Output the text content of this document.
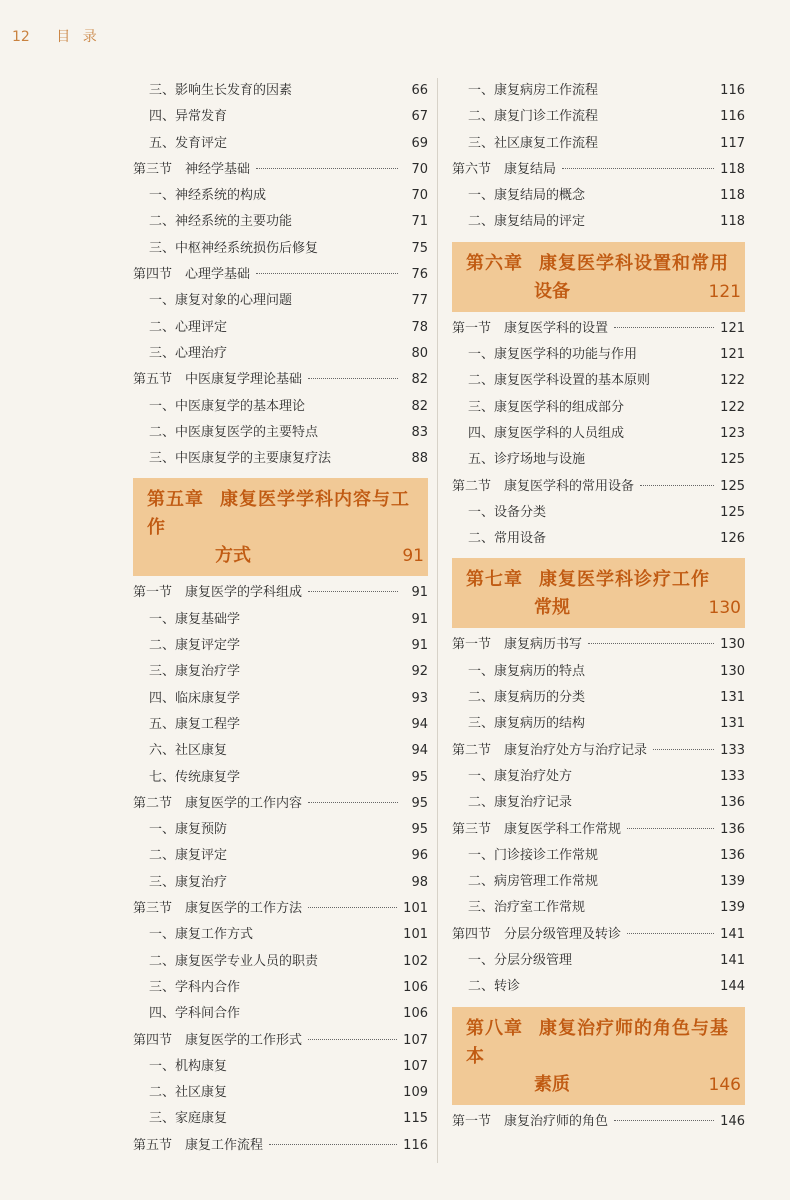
12 目 录
三、影响生长发育的因素	66
四、异常发育	67
五、发育评定	69
第三节　神经学基础	70
一、神经系统的构成	70
二、神经系统的主要功能	71
三、中枢神经系统损伤后修复	75
第四节　心理学基础	76
一、康复对象的心理问题	77
二、心理评定	78
三、心理治疗	80
第五节　中医康复学理论基础	82
一、中医康复学的基本理论	82
二、中医康复医学的主要特点	83
三、中医康复学的主要康复疗法	88
第五章 康复医学学科内容与工作
方式	91
第一节　康复医学的学科组成	91
一、康复基础学	91
二、康复评定学	91
三、康复治疗学	92
四、临床康复学	93
五、康复工程学	94
六、社区康复	94
七、传统康复学	95
第二节　康复医学的工作内容	95
一、康复预防	95
二、康复评定	96
三、康复治疗	98
第三节　康复医学的工作方法	101
一、康复工作方式	101
二、康复医学专业人员的职责	102
三、学科内合作	106
四、学科间合作	106
第四节　康复医学的工作形式	107
一、机构康复	107
二、社区康复	109
三、家庭康复	115
第五节　康复工作流程	116
一、康复病房工作流程	116
二、康复门诊工作流程	116
三、社区康复工作流程	117
第六节　康复结局	118
一、康复结局的概念	118
二、康复结局的评定	118
第六章 康复医学科设置和常用
设备	121
第一节　康复医学科的设置	121
一、康复医学科的功能与作用	121
二、康复医学科设置的基本原则	122
三、康复医学科的组成部分	122
四、康复医学科的人员组成	123
五、诊疗场地与设施	125
第二节　康复医学科的常用设备	125
一、设备分类	125
二、常用设备	126
第七章 康复医学科诊疗工作
常规	130
第一节　康复病历书写	130
一、康复病历的特点	130
二、康复病历的分类	131
三、康复病历的结构	131
第二节　康复治疗处方与治疗记录	133
一、康复治疗处方	133
二、康复治疗记录	136
第三节　康复医学科工作常规	136
一、门诊接诊工作常规	136
二、病房管理工作常规	139
三、治疗室工作常规	139
第四节　分层分级管理及转诊	141
一、分层分级管理	141
二、转诊	144
第八章 康复治疗师的角色与基本
素质	146
第一节　康复治疗师的角色	146
